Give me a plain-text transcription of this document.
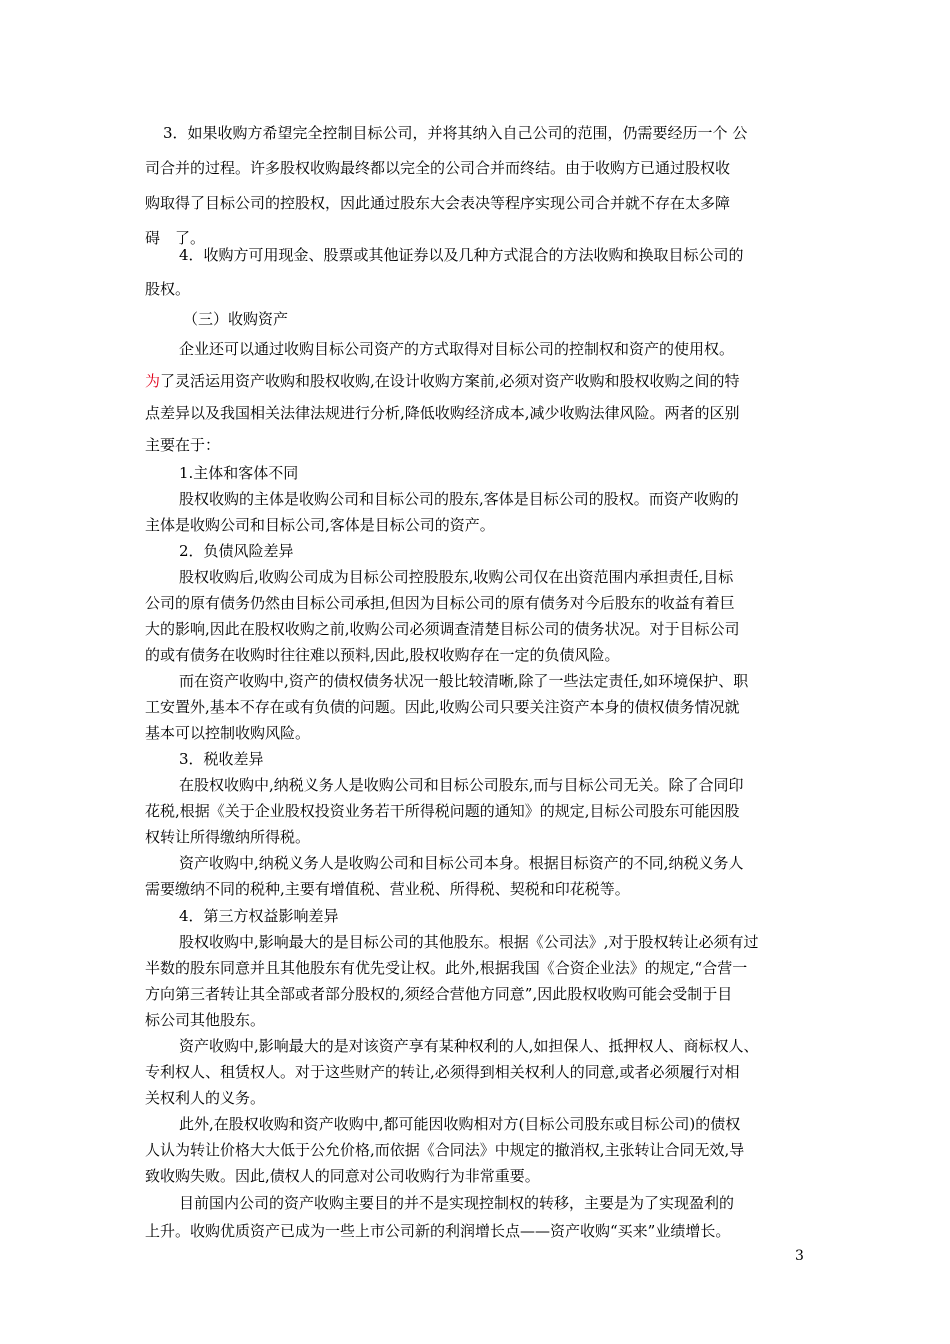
3．如果收购方希望完全控制目标公司，并将其纳入自己公司的范围，仍需要经历一个 公
司合并的过程。许多股权收购最终都以完全的公司合并而终结。由于收购方已通过股权收
购取得了目标公司的控股权，因此通过股东大会表决等程序实现公司合并就不存在太多障
碍　了。
4．收购方可用现金、股票或其他证券以及几种方式混合的方法收购和换取目标公司的
股权。
（三）收购资产
企业还可以通过收购目标公司资产的方式取得对目标公司的控制权和资产的使用权。
为了灵活运用资产收购和股权收购,在设计收购方案前,必须对资产收购和股权收购之间的特
点差异以及我国相关法律法规进行分析,降低收购经济成本,减少收购法律风险。两者的区别
主要在于：
1.主体和客体不同
股权收购的主体是收购公司和目标公司的股东,客体是目标公司的股权。而资产收购的
主体是收购公司和目标公司,客体是目标公司的资产。
2．负债风险差异
股权收购后,收购公司成为目标公司控股股东,收购公司仅在出资范围内承担责任,目标
公司的原有债务仍然由目标公司承担,但因为目标公司的原有债务对今后股东的收益有着巨
大的影响,因此在股权收购之前,收购公司必须调查清楚目标公司的债务状况。对于目标公司
的或有债务在收购时往往难以预料,因此,股权收购存在一定的负债风险。
而在资产收购中,资产的债权债务状况一般比较清晰,除了一些法定责任,如环境保护、职
工安置外,基本不存在或有负债的问题。因此,收购公司只要关注资产本身的债权债务情况就
基本可以控制收购风险。
3．税收差异
在股权收购中,纳税义务人是收购公司和目标公司股东,而与目标公司无关。除了合同印
花税,根据《关于企业股权投资业务若干所得税问题的通知》的规定,目标公司股东可能因股
权转让所得缴纳所得税。
资产收购中,纳税义务人是收购公司和目标公司本身。根据目标资产的不同,纳税义务人
需要缴纳不同的税种,主要有增值税、营业税、所得税、契税和印花税等。
4．第三方权益影响差异
股权收购中,影响最大的是目标公司的其他股东。根据《公司法》,对于股权转让必须有过
半数的股东同意并且其他股东有优先受让权。此外,根据我国《合资企业法》的规定,“合营一
方向第三者转让其全部或者部分股权的,须经合营他方同意”,因此股权收购可能会受制于目
标公司其他股东。
资产收购中,影响最大的是对该资产享有某种权利的人,如担保人、抵押权人、商标权人、
专利权人、租赁权人。对于这些财产的转让,必须得到相关权利人的同意,或者必须履行对相
关权利人的义务。
此外,在股权收购和资产收购中,都可能因收购相对方(目标公司股东或目标公司)的债权
人认为转让价格大大低于公允价格,而依据《合同法》中规定的撤消权,主张转让合同无效,导
致收购失败。因此,债权人的同意对公司收购行为非常重要。
目前国内公司的资产收购主要目的并不是实现控制权的转移，主要是为了实现盈利的
上升。收购优质资产已成为一些上市公司新的利润增长点——资产收购“买来”业绩增长。
3
